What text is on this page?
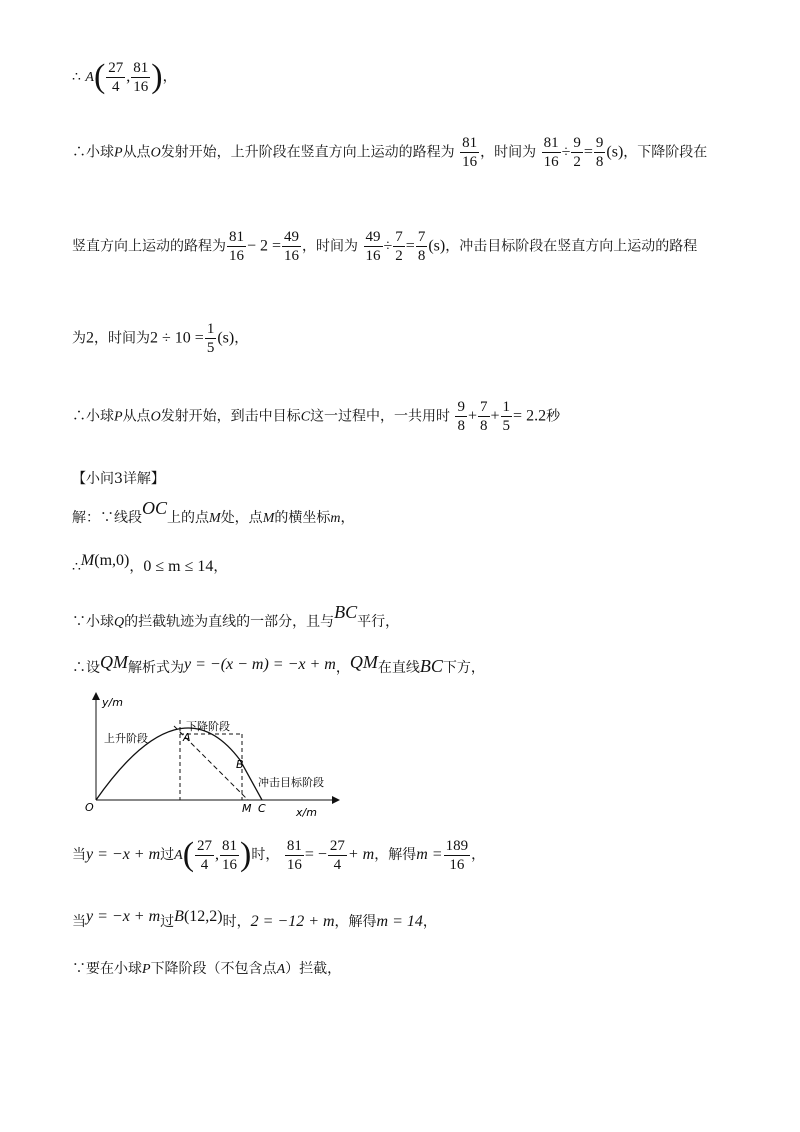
∴ $A( \frac{27}{4}$ , $\frac{81}{16}$ )，
∴小球P从点O发射开始，上升阶段在竖直方向上运动的路程为 $\frac{81}{16}$ ，时间为 $\frac{81}{16} \div \frac{9}{2} = \frac{9}{8} (s)$，下降阶段在
竖直方向上运动的路程为 $\frac{81}{16} - 2 = \frac{49}{16}$ ，时间为 $\frac{49}{16} \div \frac{7}{2} = \frac{7}{8} (s)$，冲击目标阶段在竖直方向上运动的路程
为2，时间为$2 \div 10 = \frac{1}{5} (s)$，
∴小球P从点O发射开始，到击中目标C这一过程中，一共用时 $\frac{9}{8} + \frac{7}{8} + \frac{1}{5} = 2.2$秒
【小问3详解】
解：∵线段OC上的点M处，点M的横坐标m，
∴M(m,0)，0 ≤ m ≤ 14，
∵小球Q的拦截轨迹为直线的一部分，且与BC平行，
∴设QM解析式为y = −(x − m) = −x + m，QM在直线BC下方，
y/m
x/m
O
A
B
M C
上升阶段
下降阶段
冲击目标阶段
当y = −x + m过$A( \frac{27}{4}$ , $\frac{81}{16}$ )时， $\frac{81}{16}$ = − $\frac{27}{4} + m$，解得$m = \frac{189}{16}$ ，
当y = −x + m过B(12,2)时，2 = −12 + m，解得m = 14，
∵要在小球P下降阶段（不包含点A）拦截，
